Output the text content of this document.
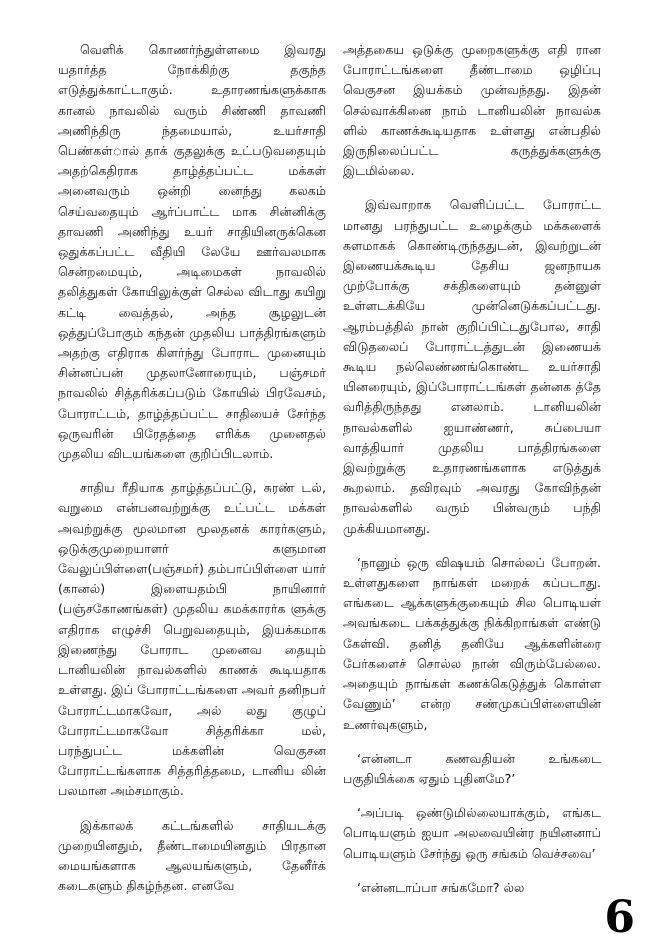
வெளிக் கொணர்ந்துள்ளமை இவரது யதார்த்த நோக்கிற்கு தகுந்த எடுத்துக்காட்டாகும். உதாரணங்களுக்காக கானல் நாவலில் வரும் சிண்ணி தாவணி அணிந்திரு ந்தமையால், உயர்சாதி பெண்கள்ால் தாக் குதலுக்கு உட்படுவதையும் அதற்கெதிராக தாழ்த்தப்பட்ட மக்கள் அனைவரும் ஒன்றி னைந்து கலகம் செய்வதையும் ஆர்ப்பாட்ட மாக சின்னிக்கு தாவணி அணிந்து உயர் சாதியினருக்கென ஒதுக்கப்பட்ட வீதியி லேயே ஊர்வலமாக சென்றமையும், அடிமைகள் நாவலில் தலித்துகள் கோயிலுக்குள் செல்ல விடாது கயிறு கட்டி வைத்தல், அந்த சூழலுடன் ஒத்துப்போகும் கந்தன் முதலிய பாத்திரங்களும் அதற்கு எதிராக கிளர்ந்து போராட முனையும் சின்னப்பன் முதலானோரையும், பஞ்சமர் நாவலில் சித்தரிக்கப்படும் கோயில் பிரவேசம், போராட்டம், தாழ்த்தப்பட்ட சாதியைச் சேர்ந்த ஒருவரின் பிரேதத்தை எரிக்க முனைதல் முதலிய விடயங்களை குறிப்பிடலாம்.

சாதிய ரீதியாக தாழ்த்தப்பட்டு, சுரண் டல், வறுமை என்பனவற்றுக்கு உட்பட்ட மக்கள் அவற்றுக்கு மூலமான மூலதனக் காரர்களும், ஒடுக்குமுறையாளர் களுமான வேலுப்பிள்ளை(பஞ்சமர்) தம்பாப்பிள்ளை யார் (கானல்) இளையதம்பி நாயினார் (பஞ்சகோணங்கள்) முதலிய கமக்காரர்க ளுக்கு எதிராக எழுச்சி பெறுவதையும், இயக்கமாக இணைந்து போராட முனைவ தையும் டானியலின் நாவல்களில் காணக் கூடியதாக உள்ளது. இப் போராட்டங்களை அவர் தனிநபர் போராட்டமாகவோ, அல் லது குழுப் போராட்டமாகவோ சித்தரிக்கா மல், பரந்துபட்ட மக்களின் வெகுசன போராட்டங்களாக சித்தரித்தமை, டானிய லின் பலமான அம்சமாகும்.

இக்காலக் கட்டங்களில் சாதியடக்கு முறையினதும், தீண்டாமையினதும் பிரதான மையங்களாக ஆலயங்களும், தேனீர்க் கடைகளும் திகழ்ந்தன. எனவே

அத்தகைய ஒடுக்கு முறைகளுக்கு எதி ரான போராட்டங்களை தீண்டாமை ஒழிப்பு வெகுசன இயக்கம் முன்வந்தது. இதன் செல்வாக்கினை நாம் டானியலின் நாவல்க ளில் காணக்கூடியதாக உள்ளது என்பதில் இருநிலைப்பட்ட கருத்துக்களுக்கு இடமில்லை.

இவ்வாறாக வெளிப்பட்ட போராட்ட மானது பரந்துபட்ட உழைக்கும் மக்களைக் களமாகக் கொண்டிருந்ததுடன், இவற்றுடன் இணையக்கூடிய தேசிய ஜனநாயக முற்போக்கு சக்திகளையும் தன்னுள் உள்ளடக்கியே முன்னெடுக்கப்பட்டது. ஆரம்பத்தில் நான் குறிப்பிட்டதுபோல, சாதி விடுதலைப் போராட்டத்துடன் இணையக் கூடிய நல்லெண்ணங்கொண்ட உயர்சாதி யினரையும், இப்போராட்டங்கள் தன்னக த்தே வரித்திருந்தது எனலாம். டானியலின் நாவல்களில் ஐயாண்ணர், சுப்பையா வாத்தியார் முதலிய பாத்திரங்களை இவற்றுக்கு உதாரணங்களாக எடுத்துக் கூறலாம். தவிரவும் அவரது கோவிந்தன் நாவல்களில் வரும் பின்வரும் பந்தி முக்கியமானது.

‘நானும் ஒரு விஷயம் சொல்லப் போறன். உள்ளதுகளை நாங்கள் மறைக் கப்படாது. எங்கடை ஆக்களுக்குகையும் சில பொடியள் அவங்கடை பக்கத்துக்கு நிக்கிறாங்கள் எண்டு கேள்வி. தனித் தனியே ஆக்களின்ரை பேர்களைச் சொல்ல நான் விரும்பேல்லை. அதையும் நாங்கள் கணக்கெடுத்துக் கொள்ள வேணும்’ என்ற சண்முகப்பிள்ளையின் உணர்வுகளும்,

‘என்னடா கணவதியன் உங்கடை பகுதியிக்கை ஏதும் புதினமே?’

‘அப்படி ஒண்டுமில்லையாக்கும், எங்கட பொடியளும் ஐயா அலவையின்ர நயினனாப் பொடியளும் சேர்ந்து ஒரு சங்கம் வெச்சவை’

‘என்னடாப்பா சங்கமோ? ல்ல

6
